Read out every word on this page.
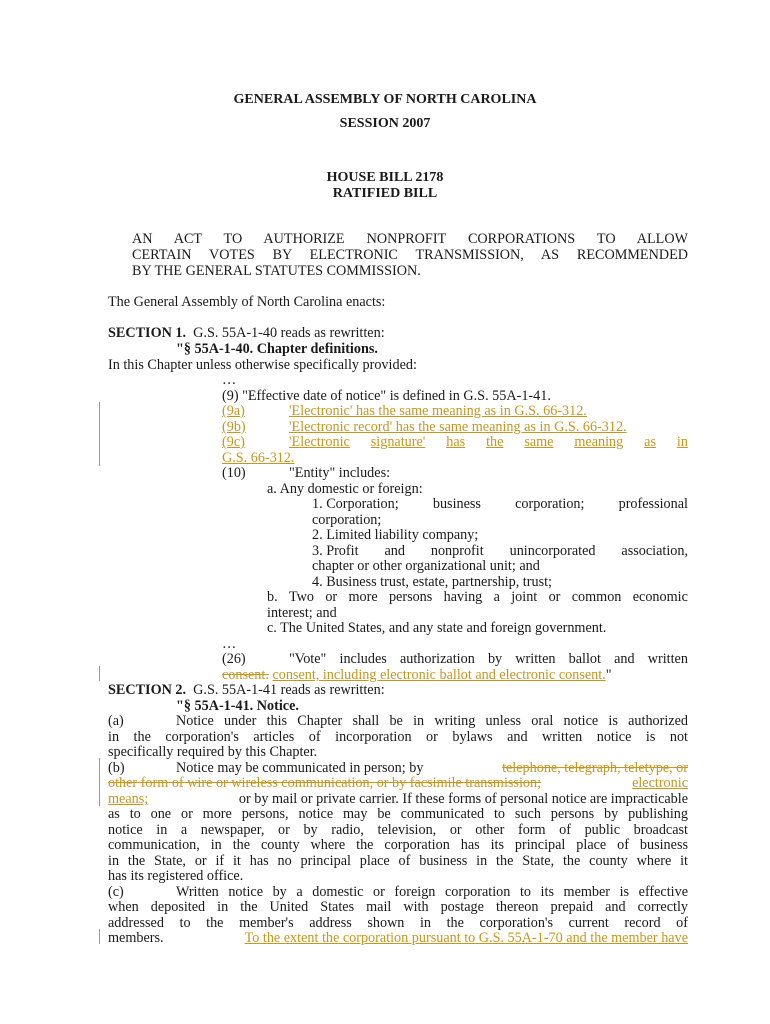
GENERAL ASSEMBLY OF NORTH CAROLINA
SESSION 2007
HOUSE BILL 2178
RATIFIED BILL
AN ACT TO AUTHORIZE NONPROFIT CORPORATIONS TO ALLOW
CERTAIN VOTES BY ELECTRONIC TRANSMISSION, AS RECOMMENDED
BY THE GENERAL STATUTES COMMISSION.
The General Assembly of North Carolina enacts:
SECTION 1. G.S. 55A-1-40 reads as rewritten:
"§ 55A-1-40. Chapter definitions.
In this Chapter unless otherwise specifically provided:
…
(9) "Effective date of notice" is defined in G.S. 55A-1-41.
(9a)	'Electronic' has the same meaning as in G.S. 66-312.
(9b)	'Electronic record' has the same meaning as in G.S. 66-312.
(9c)	'Electronic signature' has the same meaning as in
G.S. 66-312.
(10)	"Entity" includes:
a. Any domestic or foreign:
1. Corporation; business corporation; professional
corporation;
2. Limited liability company;
3. Profit and nonprofit unincorporated association,
chapter or other organizational unit; and
4. Business trust, estate, partnership, trust;
b. Two or more persons having a joint or common economic
interest; and
c. The United States, and any state and foreign government.
…
(26)	"Vote" includes authorization by written ballot and written
consent. consent, including electronic ballot and electronic consent."
SECTION 2. G.S. 55A-1-41 reads as rewritten:
"§ 55A-1-41. Notice.
(a)	Notice under this Chapter shall be in writing unless oral notice is authorized
in the corporation's articles of incorporation or bylaws and written notice is not
specifically required by this Chapter.
(b)	Notice may be communicated in person; by	telephone, telegraph, teletype, or
other form of wire or wireless communication, or by facsimile transmission;	electronic
means;	or by mail or private carrier. If these forms of personal notice are impracticable
as to one or more persons, notice may be communicated to such persons by publishing
notice in a newspaper, or by radio, television, or other form of public broadcast
communication, in the county where the corporation has its principal place of business
in the State, or if it has no principal place of business in the State, the county where it
has its registered office.
(c)	Written notice by a domestic or foreign corporation to its member is effective
when deposited in the United States mail with postage thereon prepaid and correctly
addressed to the member's address shown in the corporation's current record of
members.	To the extent the corporation pursuant to G.S. 55A-1-70 and the member have
